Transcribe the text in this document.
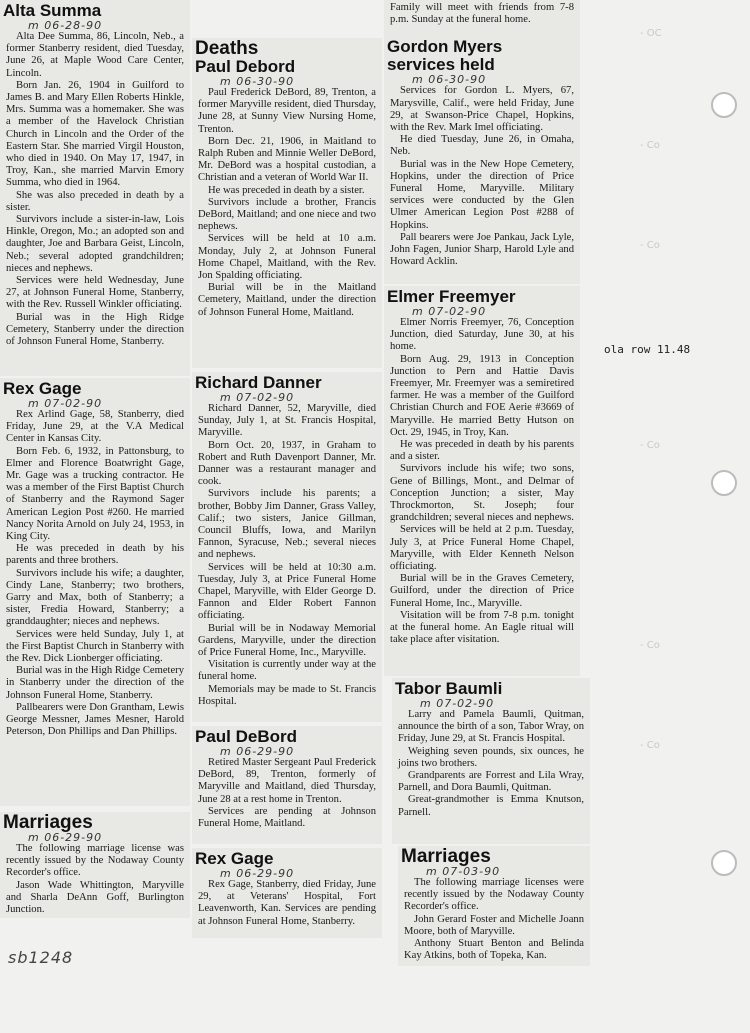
- OC
- Co
- Co
- Co
- Co
- Co
Alta Summa
m 06-28-90

Alta Dee Summa, 86, Lincoln, Neb., a former Stanberry resident, died Tuesday, June 26, at Maple Wood Care Center, Lincoln.

Born Jan. 26, 1904 in Guilford to James B. and Mary Ellen Roberts Hinkle, Mrs. Summa was a homemaker. She was a member of the Havelock Christian Church in Lincoln and the Order of the Eastern Star. She married Virgil Houston, who died in 1940. On May 17, 1947, in Troy, Kan., she married Marvin Emory Summa, who died in 1964.

She was also preceded in death by a sister.

Survivors include a sister-in-law, Lois Hinkle, Oregon, Mo.; an adopted son and daughter, Joe and Barbara Geist, Lincoln, Neb.; several adopted grandchildren; nieces and nephews.

Services were held Wednesday, June 27, at Johnson Funeral Home, Stanberry, with the Rev. Russell Winkler officiating.

Burial was in the High Ridge Cemetery, Stanberry under the direction of Johnson Funeral Home, Stanberry.

Deaths
Paul Debord
m 06-30-90

Paul Frederick DeBord, 89, Trenton, a former Maryville resident, died Thursday, June 28, at Sunny View Nursing Home, Trenton.

Born Dec. 21, 1906, in Maitland to Ralph Ruben and Minnie Weller DeBord, Mr. DeBord was a hospital custodian, a Christian and a veteran of World War II.

He was preceded in death by a sister.

Survivors include a brother, Francis DeBord, Maitland; and one niece and two nephews.

Services will be held at 10 a.m. Monday, July 2, at Johnson Funeral Home Chapel, Maitland, with the Rev. Jon Spalding officiating.

Burial will be in the Maitland Cemetery, Maitland, under the direction of Johnson Funeral Home, Maitland.

Family will meet with friends from 7-8 p.m. Sunday at the funeral home.

Gordon Myers services held
m 06-30-90

Services for Gordon L. Myers, 67, Marysville, Calif., were held Friday, June 29, at Swanson-Price Chapel, Hopkins, with the Rev. Mark Imel officiating.

He died Tuesday, June 26, in Omaha, Neb.

Burial was in the New Hope Cemetery, Hopkins, under the direction of Price Funeral Home, Maryville. Military services were conducted by the Glen Ulmer American Legion Post #288 of Hopkins.

Pall bearers were Joe Pankau, Jack Lyle, John Fagen, Junior Sharp, Harold Lyle and Howard Acklin.

Elmer Freemyer
m 07-02-90

Elmer Norris Freemyer, 76, Conception Junction, died Saturday, June 30, at his home.

Born Aug. 29, 1913 in Conception Junction to Pern and Hattie Davis Freemyer, Mr. Freemyer was a semiretired farmer. He was a member of the Guilford Christian Church and FOE Aerie #3669 of Maryville. He married Betty Hutson on Oct. 29, 1945, in Troy, Kan.

He was preceded in death by his parents and a sister.

Survivors include his wife; two sons, Gene of Billings, Mont., and Delmar of Conception Junction; a sister, May Throckmorton, St. Joseph; four grandchildren; several nieces and nephews.

Services will be held at 2 p.m. Tuesday, July 3, at Price Funeral Home Chapel, Maryville, with Elder Kenneth Nelson officiating.

Burial will be in the Graves Cemetery, Guilford, under the direction of Price Funeral Home, Inc., Maryville.

Visitation will be from 7-8 p.m. tonight at the funeral home. An Eagle ritual will take place after visitation.

ola row 11.48
Rex Gage
m 07-02-90

Rex Arlind Gage, 58, Stanberry, died Friday, June 29, at the V.A Medical Center in Kansas City.

Born Feb. 6, 1932, in Pattonsburg, to Elmer and Florence Boatwright Gage, Mr. Gage was a trucking contractor. He was a member of the First Baptist Church of Stanberry and the Raymond Sager American Legion Post #260. He married Nancy Norita Arnold on July 24, 1953, in King City.

He was preceded in death by his parents and three brothers.

Survivors include his wife; a daughter, Cindy Lane, Stanberry; two brothers, Garry and Max, both of Stanberry; a sister, Fredia Howard, Stanberry; a granddaughter; nieces and nephews.

Services were held Sunday, July 1, at the First Baptist Church in Stanberry with the Rev. Dick Lionberger officiating.

Burial was in the High Ridge Cemetery in Stanberry under the direction of the Johnson Funeral Home, Stanberry.

Pallbearers were Don Grantham, Lewis George Messner, James Mesner, Harold Peterson, Don Phillips and Dan Phillips.

Richard Danner
m 07-02-90

Richard Danner, 52, Maryville, died Sunday, July 1, at St. Francis Hospital, Maryville.

Born Oct. 20, 1937, in Graham to Robert and Ruth Davenport Danner, Mr. Danner was a restaurant manager and cook.

Survivors include his parents; a brother, Bobby Jim Danner, Grass Valley, Calif.; two sisters, Janice Gillman, Council Bluffs, Iowa, and Marilyn Fannon, Syracuse, Neb.; several nieces and nephews.

Services will be held at 10:30 a.m. Tuesday, July 3, at Price Funeral Home Chapel, Maryville, with Elder George D. Fannon and Elder Robert Fannon officiating.

Burial will be in Nodaway Memorial Gardens, Maryville, under the direction of Price Funeral Home, Inc., Maryville.

Visitation is currently under way at the funeral home.

Memorials may be made to St. Francis Hospital.

Paul DeBord
m 06-29-90

Retired Master Sergeant Paul Frederick DeBord, 89, Trenton, formerly of Maryville and Maitland, died Thursday, June 28 at a rest home in Trenton.

Services are pending at Johnson Funeral Home, Maitland.

Tabor Baumli
m 07-02-90

Larry and Pamela Baumli, Quitman, announce the birth of a son, Tabor Wray, on Friday, June 29, at St. Francis Hospital.

Weighing seven pounds, six ounces, he joins two brothers.

Grandparents are Forrest and Lila Wray, Parnell, and Dora Baumli, Quitman.

Great-grandmother is Emma Knutson, Parnell.

Marriages
m 06-29-90

The following marriage license was recently issued by the Nodaway County Recorder's office.

Jason Wade Whittington, Maryville and Sharla DeAnn Goff, Burlington Junction.

Rex Gage
m 06-29-90

Rex Gage, Stanberry, died Friday, June 29, at Veterans' Hospital, Fort Leavenworth, Kan. Services are pending at Johnson Funeral Home, Stanberry.

Marriages
m 07-03-90

The following marriage licenses were recently issued by the Nodaway County Recorder's office.

John Gerard Foster and Michelle Joann Moore, both of Maryville.

Anthony Stuart Benton and Belinda Kay Atkins, both of Topeka, Kan.

sb1248
